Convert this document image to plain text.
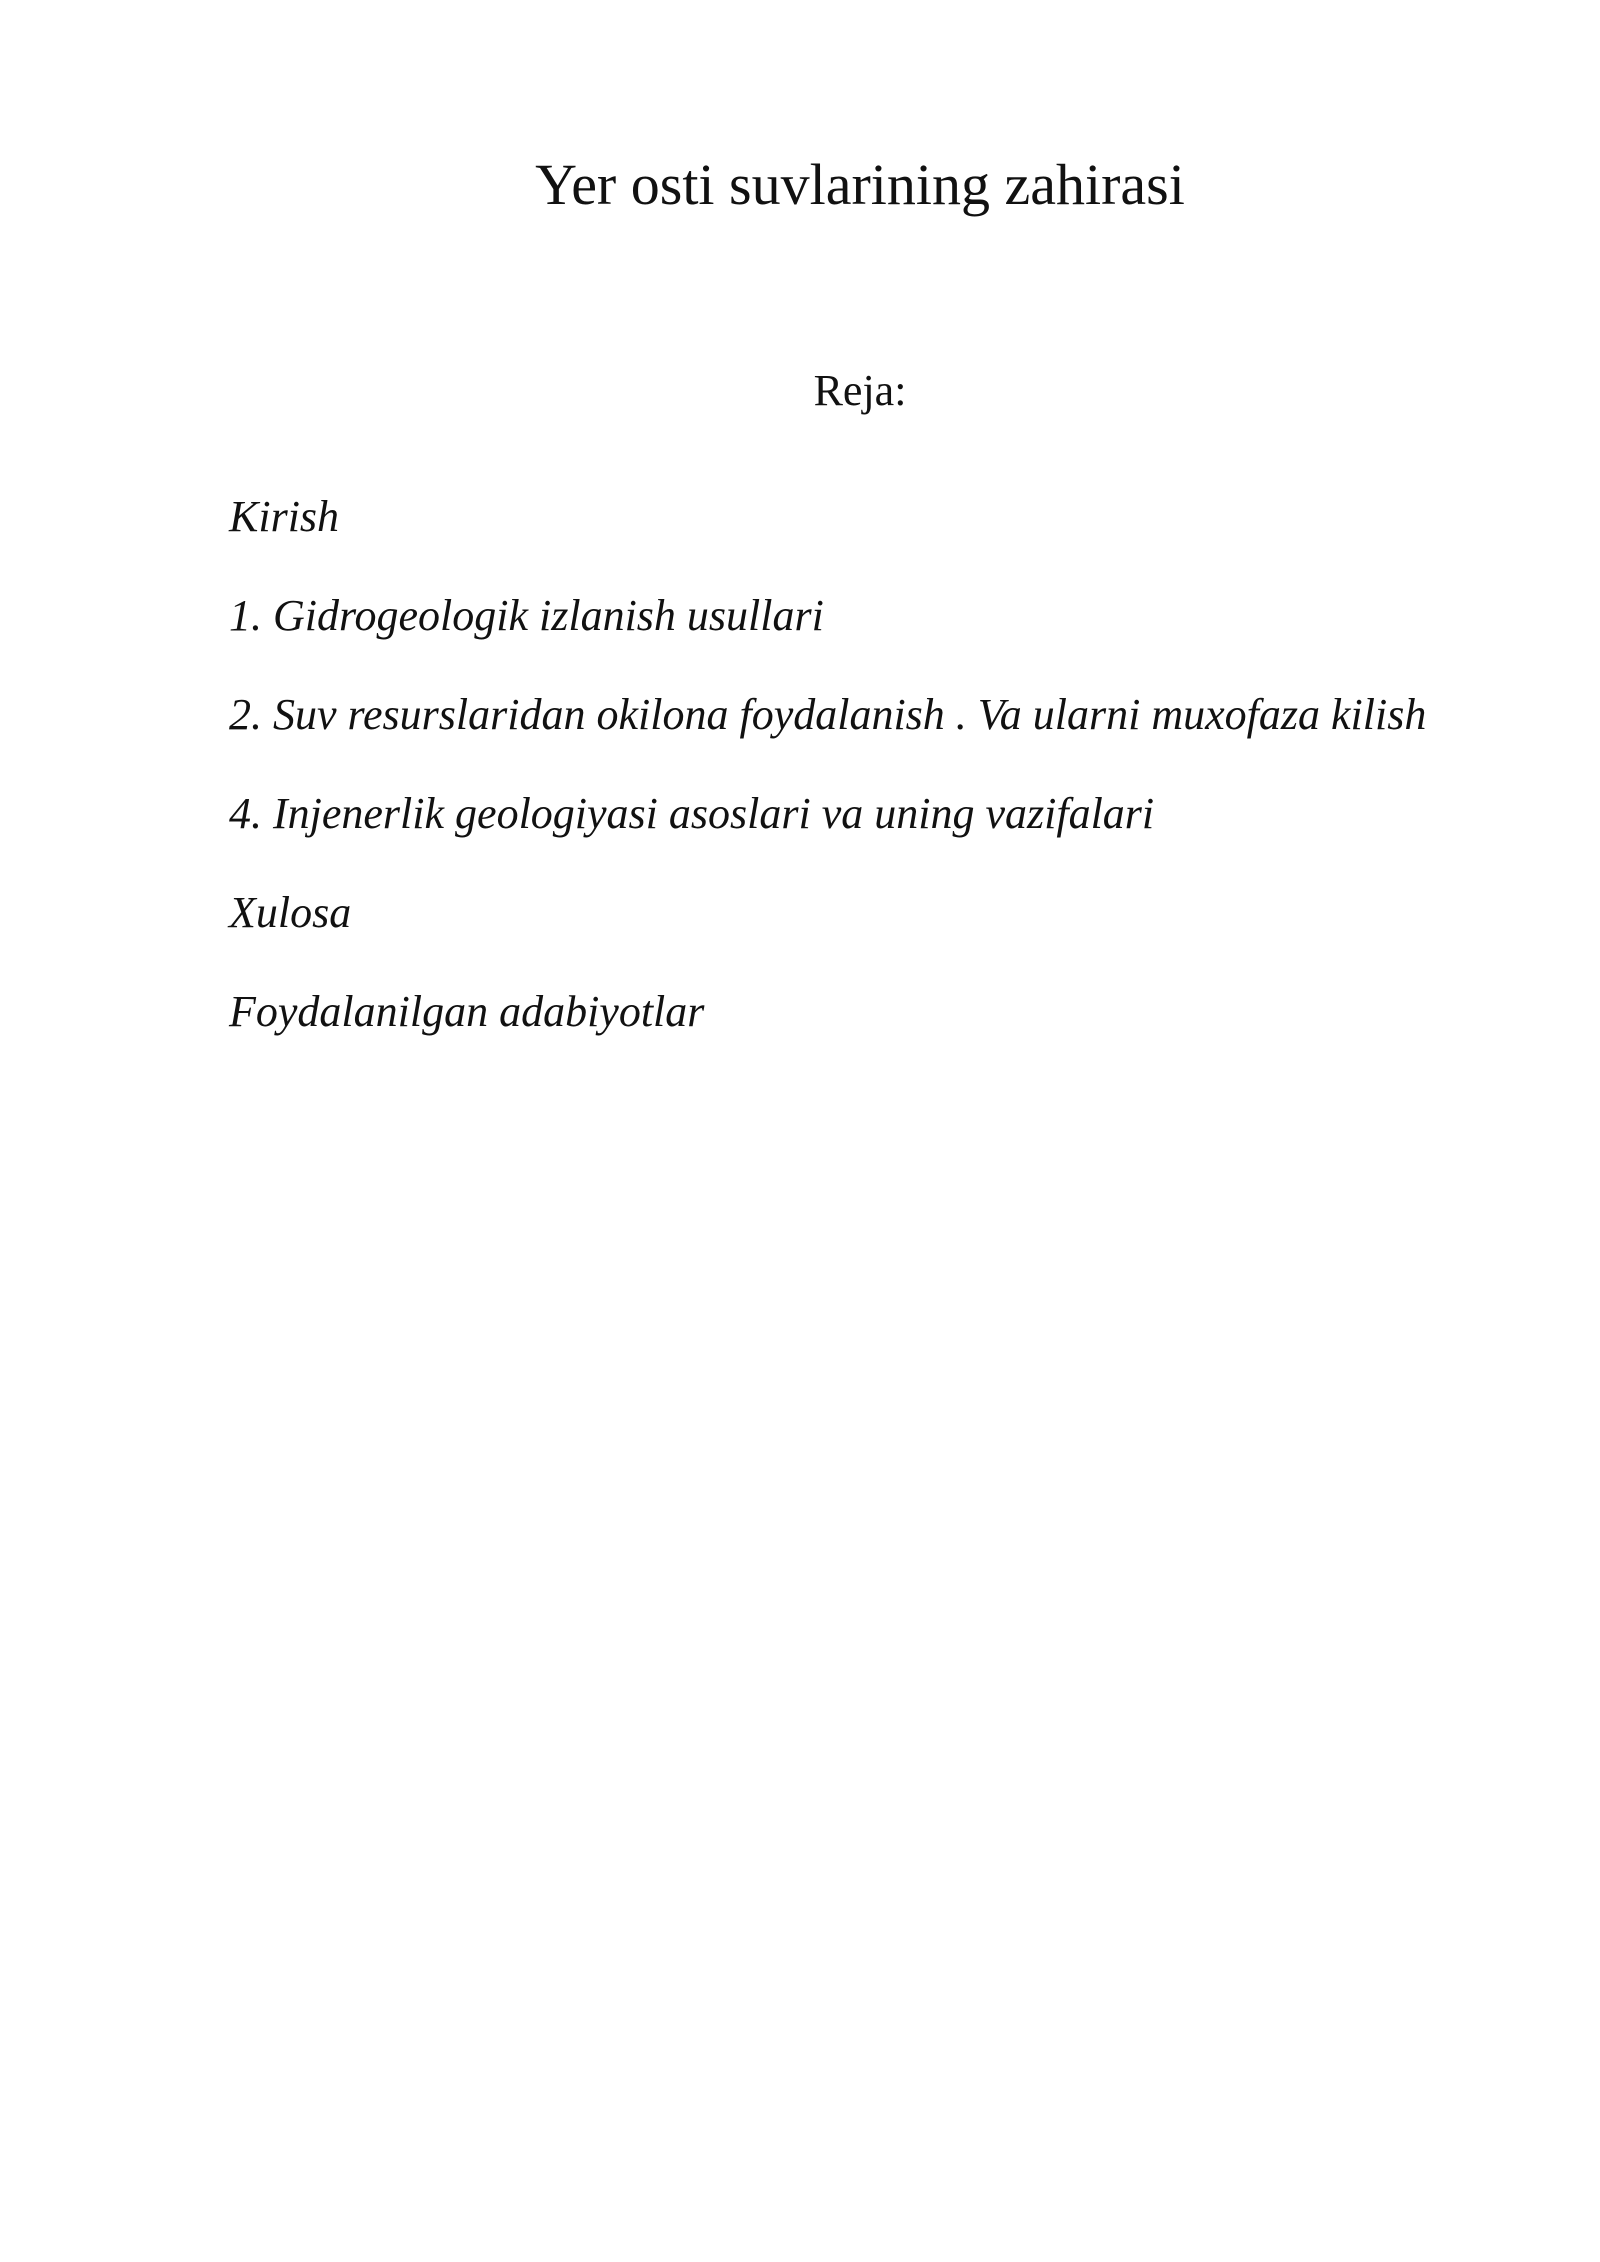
Yer osti suvlarining zahirasi
Reja:
Kirish
1. Gidrogeologik izlanish usullari
2. Suv resurslaridan okilona foydalanish . Va ularni muxofaza kilish
4. Injenerlik geologiyasi asoslari va uning vazifalari
Xulosa
Foydalanilgan adabiyotlar
